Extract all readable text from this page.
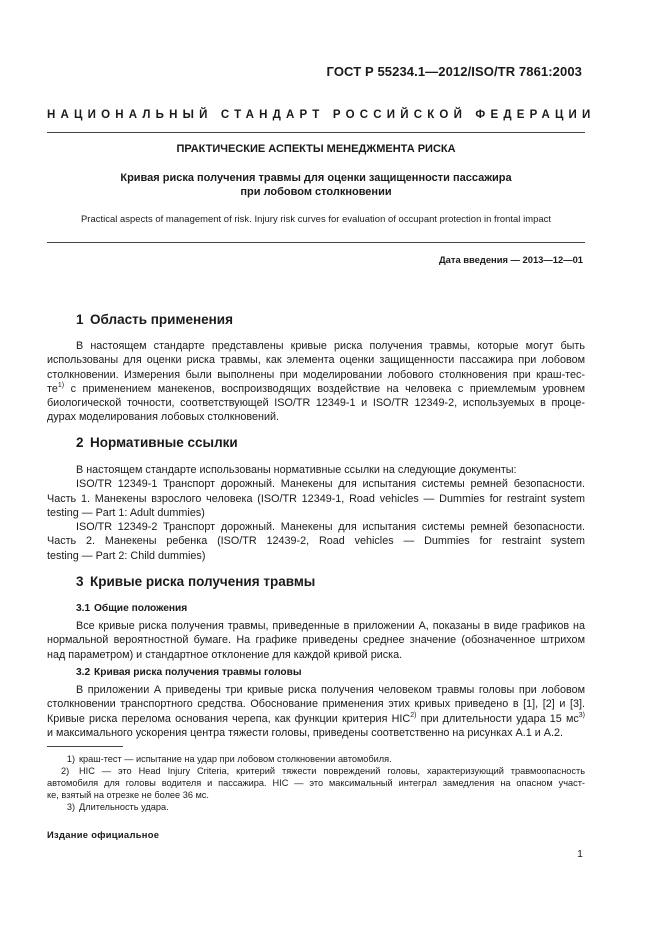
ГОСТ Р 55234.1—2012/ISO/TR 7861:2003
НАЦИОНАЛЬНЫЙ СТАНДАРТ РОССИЙСКОЙ ФЕДЕРАЦИИ
ПРАКТИЧЕСКИЕ АСПЕКТЫ МЕНЕДЖМЕНТА РИСКА
Кривая риска получения травмы для оценки защищенности пассажира
при лобовом столкновении
Practical aspects of management of risk. Injury risk curves for evaluation of occupant protection in frontal impact
Дата введения — 2013—12—01
1 Область применения
В настоящем стандарте представлены кривые риска получения травмы, которые могут быть
использованы для оценки риска травмы, как элемента оценки защищенности пассажира при лобовом
столкновении. Измерения были выполнены при моделировании лобового столкновения при краш-тес-
$те^{1)}$ с применением манекенов, воспроизводящих воздействие на человека с приемлемым уровнем
биологической точности, соответствующей ISO/TR 12349-1 и ISO/TR 12349-2, используемых в проце-
дурах моделирования лобовых столкновений.
2 Нормативные ссылки
В настоящем стандарте использованы нормативные ссылки на следующие документы:
ISO/TR 12349-1 Транспорт дорожный. Манекены для испытания системы ремней безопасности.
Часть 1. Манекены взрослого человека (ISO/TR 12349-1, Road vehicles — Dummies for restraint system
testing — Part 1: Adult dummies)
ISO/TR 12349-2 Транспорт дорожный. Манекены для испытания системы ремней безопасности.
Часть 2. Манекены ребенка (ISO/TR 12439-2, Road vehicles — Dummies for restraint system
testing — Part 2: Child dummies)
3 Кривые риска получения травмы
3.1 Общие положения
Все кривые риска получения травмы, приведенные в приложении А, показаны в виде графиков на
нормальной вероятностной бумаге. На графике приведены среднее значение (обозначенное штрихом
над параметром) и стандартное отклонение для каждой кривой риска.
3.2 Кривая риска получения травмы головы
В приложении А приведены три кривые риска получения человеком травмы головы при лобовом
столкновении транспортного средства. Обоснование применения этих кривых приведено в [1], [2] и [3].
Кривые риска перелома основания черепа, как функции критерия HIC$^{2)}$ при длительности удара 15 $мс^{3)}$
и максимального ускорения центра тяжести головы, приведены соответственно на рисунках А.1 и А.2.
1) краш-тест — испытание на удар при лобовом столкновении автомобиля.
2) HIC — это Head Injury Criteria, критерий тяжести повреждений головы, характеризующий травмоопасность
автомобиля для головы водителя и пассажира. HIC — это максимальный интеграл замедления на опасном участ-
ке, взятый на отрезке не более 36 мс.
3) Длительность удара.
Издание официальное
1
